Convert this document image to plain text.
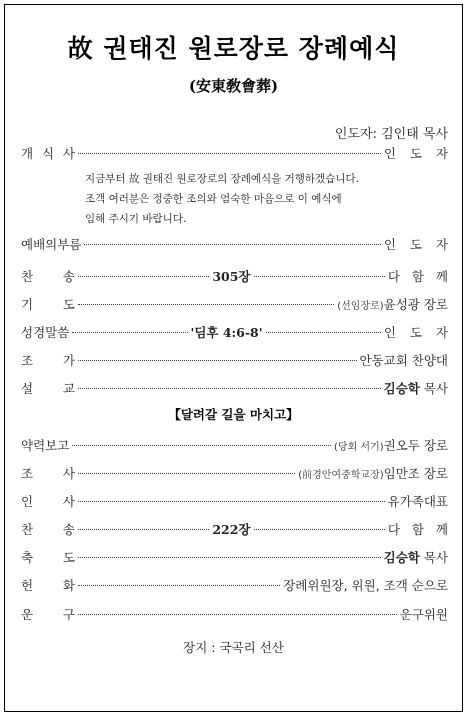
故 권태진 원로장로 장례예식
(安東敎會葬)
인도자: 김인태 목사
개 식 사	인 도 자
지금부터 故 권태진 원로장로의 장례예식을 거행하겠습니다.
조객 여러분은 정중한 조의와 엄숙한 마음으로 이 예식에
임해 주시기 바랍니다.
예배의부름	인 도 자
찬 송	305장	다 함 께
기 도	(선임장로)윤성광 장로
성경말씀	'딤후 4:6-8'	인 도 자
조 가	안동교회 찬양대
설 교	김승학 목사
【달려갈 길을 마치고】
약력보고	(당회 서기)권오두 장로
조 사	(前경안여중학교장)임만조 장로
인 사	유가족대표
찬 송	222장	다 함 께
축 도	김승학 목사
헌 화	장례위원장, 위원, 조객 순으로
운 구	운구위원
장지 : 국곡리 선산
